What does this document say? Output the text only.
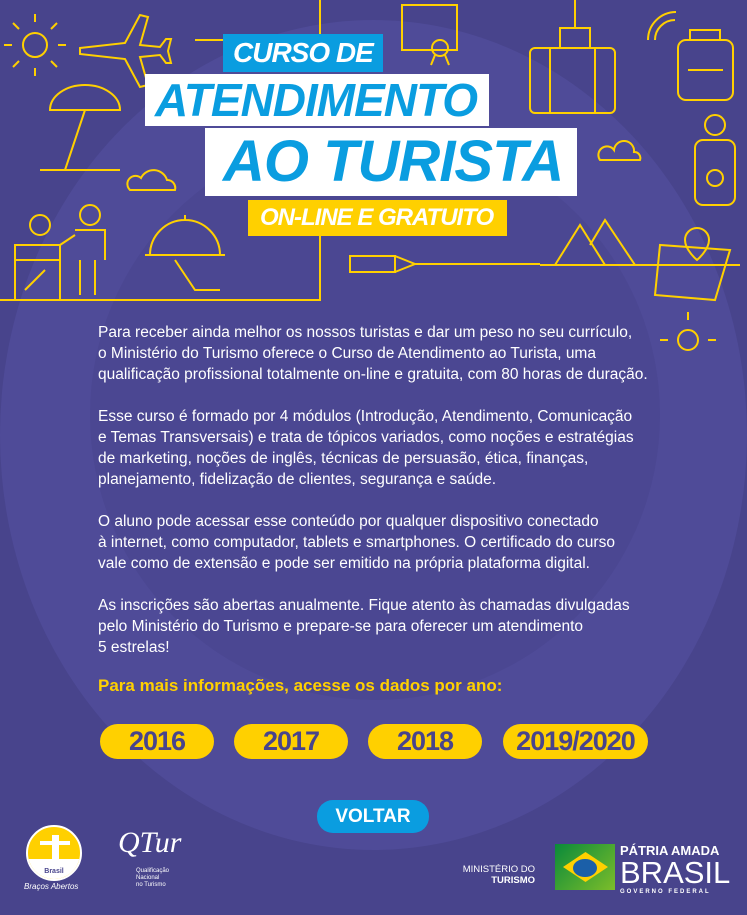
CURSO DE
ATENDIMENTO
AO TURISTA
ON-LINE E GRATUITO
Para receber ainda melhor os nossos turistas e dar um peso no seu currículo,
o Ministério do Turismo oferece o Curso de Atendimento ao Turista, uma
qualificação profissional totalmente on-line e gratuita, com 80 horas de duração.
Esse curso é formado por 4 módulos (Introdução, Atendimento, Comunicação
e Temas Transversais) e trata de tópicos variados, como noções e estratégias
de marketing, noções de inglês, técnicas de persuasão, ética, finanças,
planejamento, fidelização de clientes, segurança e saúde.
O aluno pode acessar esse conteúdo por qualquer dispositivo conectado
à internet, como computador, tablets e smartphones. O certificado do curso
vale como de extensão e pode ser emitido na própria plataforma digital.
As inscrições são abertas anualmente. Fique atento às chamadas divulgadas
pelo Ministério do Turismo e prepare-se para oferecer um atendimento
5 estrelas!
Para mais informações, acesse os dados por ano:
2016	2017	2018	2019/2020
VOLTAR
Brasil
Braços Abertos
QTur
Qualificação
Nacional
no Turismo
MINISTÉRIO DO
TURISMO
PÁTRIA AMADA
BRASIL
GOVERNO FEDERAL
